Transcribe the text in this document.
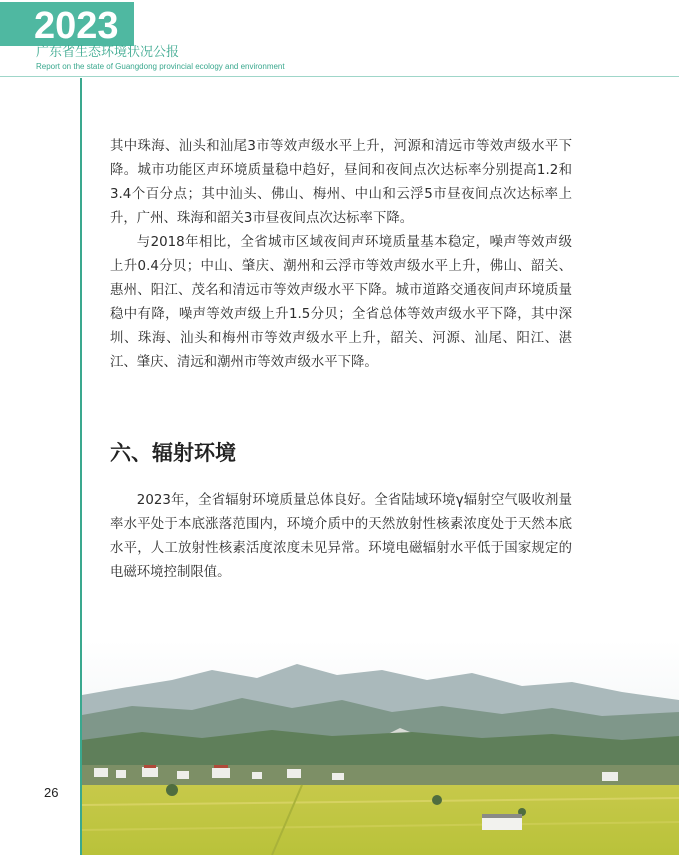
2023
广东省生态环境状况公报
Report on the state of Guangdong provincial ecology and environment

其中珠海、汕头和汕尾3市等效声级水平上升，河源和清远市等效声级水平下降。城市功能区声环境质量稳中趋好，昼间和夜间点次达标率分别提高1.2和3.4个百分点；其中汕头、佛山、梅州、中山和云浮5市昼夜间点次达标率上升，广州、珠海和韶关3市昼夜间点次达标率下降。

与2018年相比，全省城市区域夜间声环境质量基本稳定，噪声等效声级上升0.4分贝；中山、肇庆、潮州和云浮市等效声级水平上升，佛山、韶关、惠州、阳江、茂名和清远市等效声级水平下降。城市道路交通夜间声环境质量稳中有降，噪声等效声级上升1.5分贝；全省总体等效声级水平下降，其中深圳、珠海、汕头和梅州市等效声级水平上升，韶关、河源、汕尾、阳江、湛江、肇庆、清远和潮州市等效声级水平下降。

六、辐射环境

2023年，全省辐射环境质量总体良好。全省陆域环境γ辐射空气吸收剂量率水平处于本底涨落范围内，环境介质中的天然放射性核素浓度处于天然本底水平，人工放射性核素活度浓度未见异常。环境电磁辐射水平低于国家规定的电磁环境控制限值。

26
